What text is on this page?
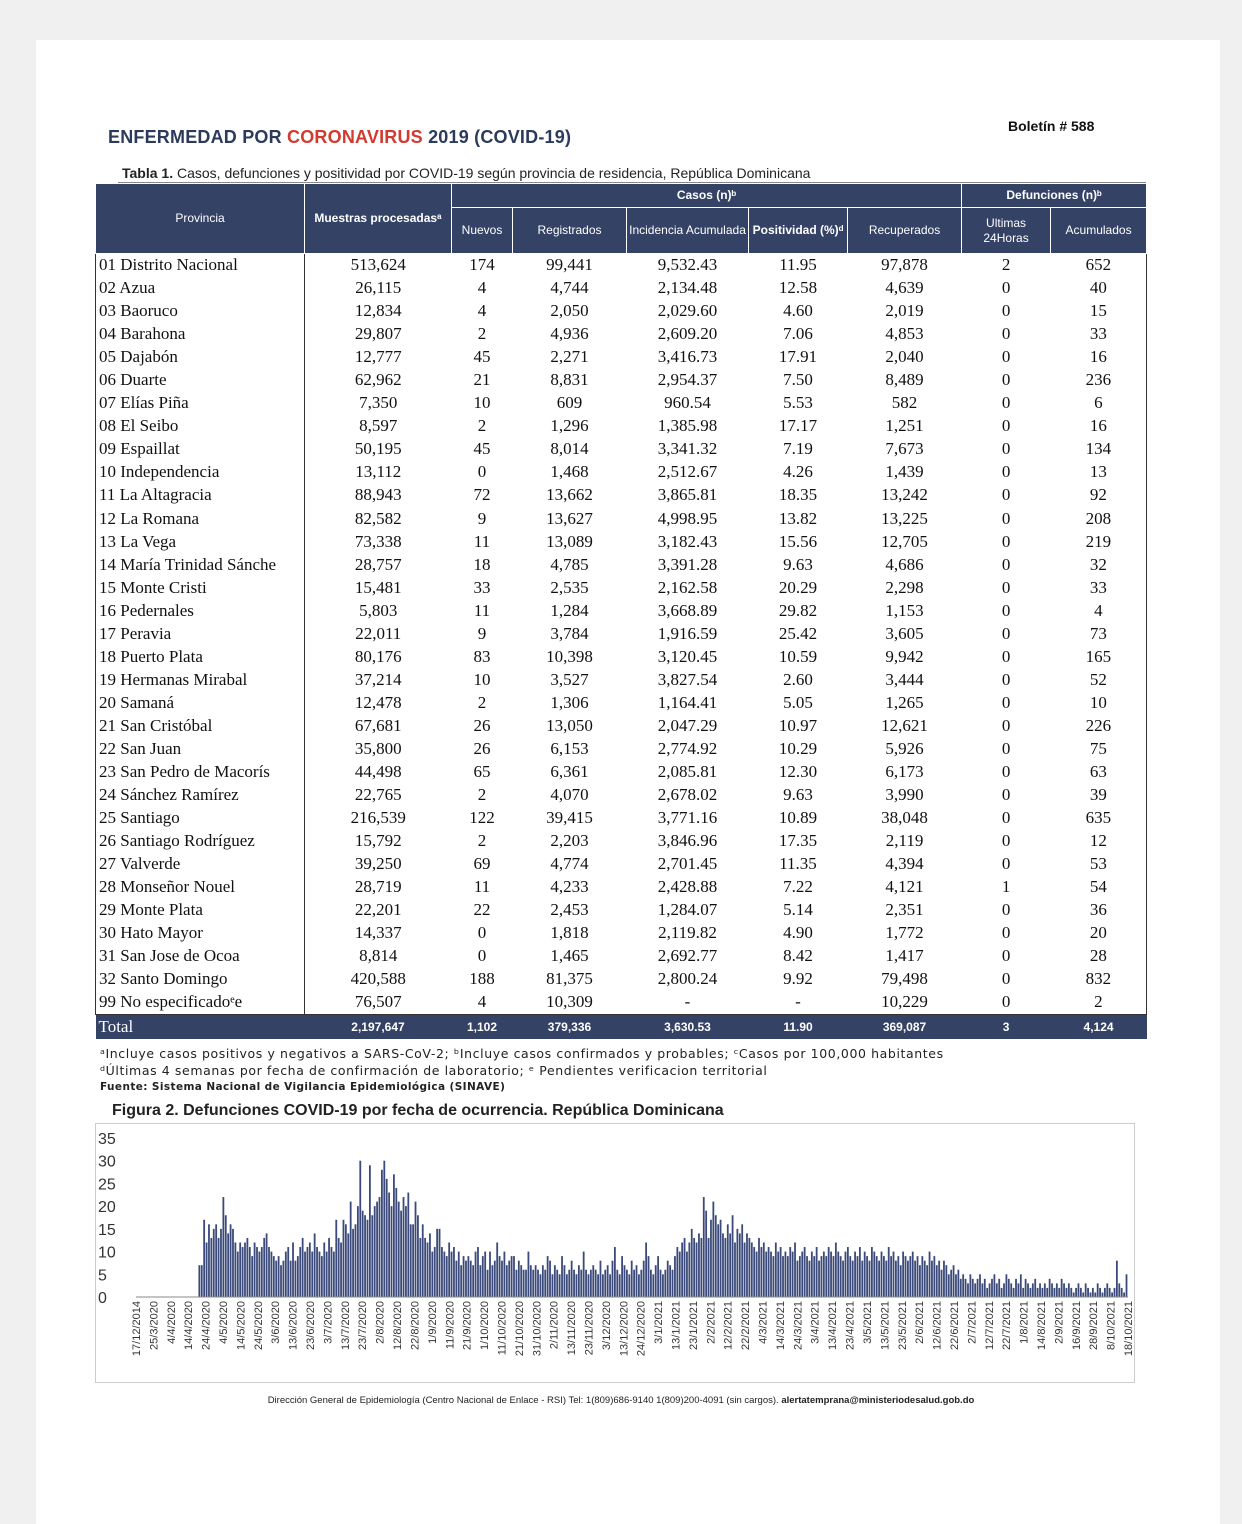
Boletín # 588
ENFERMEDAD POR CORONAVIRUS 2019 (COVID-19)
Tabla 1. Casos, defunciones y positividad por COVID-19 según provincia de residencia, República Dominicana
Provincia	Muestras procesadasᵃ	Casos (n)ᵇ					Defunciones (n)ᵇ	
		Nuevos	Registrados	Incidencia Acumulada	Positividad (%)ᵈ	Recuperados	Ultimas 24Horas	Acumulados
01 Distrito Nacional	513,624	174	99,441	9,532.43	11.95	97,878	2	652
02 Azua	26,115	4	4,744	2,134.48	12.58	4,639	0	40
03 Baoruco	12,834	4	2,050	2,029.60	4.60	2,019	0	15
04 Barahona	29,807	2	4,936	2,609.20	7.06	4,853	0	33
05 Dajabón	12,777	45	2,271	3,416.73	17.91	2,040	0	16
06 Duarte	62,962	21	8,831	2,954.37	7.50	8,489	0	236
07 Elías Piña	7,350	10	609	960.54	5.53	582	0	6
08 El Seibo	8,597	2	1,296	1,385.98	17.17	1,251	0	16
09 Espaillat	50,195	45	8,014	3,341.32	7.19	7,673	0	134
10 Independencia	13,112	0	1,468	2,512.67	4.26	1,439	0	13
11 La Altagracia	88,943	72	13,662	3,865.81	18.35	13,242	0	92
12 La Romana	82,582	9	13,627	4,998.95	13.82	13,225	0	208
13 La Vega	73,338	11	13,089	3,182.43	15.56	12,705	0	219
14 María Trinidad Sánche	28,757	18	4,785	3,391.28	9.63	4,686	0	32
15 Monte Cristi	15,481	33	2,535	2,162.58	20.29	2,298	0	33
16 Pedernales	5,803	11	1,284	3,668.89	29.82	1,153	0	4
17 Peravia	22,011	9	3,784	1,916.59	25.42	3,605	0	73
18 Puerto Plata	80,176	83	10,398	3,120.45	10.59	9,942	0	165
19 Hermanas Mirabal	37,214	10	3,527	3,827.54	2.60	3,444	0	52
20 Samaná	12,478	2	1,306	1,164.41	5.05	1,265	0	10
21 San Cristóbal	67,681	26	13,050	2,047.29	10.97	12,621	0	226
22 San Juan	35,800	26	6,153	2,774.92	10.29	5,926	0	75
23 San Pedro de Macorís	44,498	65	6,361	2,085.81	12.30	6,173	0	63
24 Sánchez Ramírez	22,765	2	4,070	2,678.02	9.63	3,990	0	39
25 Santiago	216,539	122	39,415	3,771.16	10.89	38,048	0	635
26 Santiago Rodríguez	15,792	2	2,203	3,846.96	17.35	2,119	0	12
27 Valverde	39,250	69	4,774	2,701.45	11.35	4,394	0	53
28 Monseñor Nouel	28,719	11	4,233	2,428.88	7.22	4,121	1	54
29 Monte Plata	22,201	22	2,453	1,284.07	5.14	2,351	0	36
30 Hato Mayor	14,337	0	1,818	2,119.82	4.90	1,772	0	20
31 San Jose de Ocoa	8,814	0	1,465	2,692.77	8.42	1,417	0	28
32 Santo Domingo	420,588	188	81,375	2,800.24	9.92	79,498	0	832
99 No especificadoᵉe	76,507	4	10,309	-	-	10,229	0	2
Total	2,197,647	1,102	379,336	3,630.53	11.90	369,087	3	4,124
ᵃIncluye casos positivos y negativos a SARS-CoV-2; ᵇIncluye casos confirmados y probables; ᶜCasos por 100,000 habitantes
ᵈÚltimas 4 semanas por fecha de confirmación de laboratorio; ᵉ Pendientes verificacion territorial
Fuente: Sistema Nacional de Vigilancia Epidemiológica (SINAVE)
Figura 2. Defunciones COVID-19 por fecha de ocurrencia. República Dominicana
0
5
10
15
20
25
30
35
17/12/2014 25/3/2020 4/4/2020 14/4/2020 24/4/2020 4/5/2020 14/5/2020 24/5/2020 3/6/2020 13/6/2020 23/6/2020 3/7/2020 13/7/2020 23/7/2020 2/8/2020 12/8/2020 22/8/2020 1/9/2020 11/9/2020 21/9/2020 1/10/2020 11/10/2020 21/10/2020 31/10/2020 2/11/2020 13/11/2020 23/11/2020 3/12/2020 13/12/2020 24/12/2020 3/1/2021 13/1/2021 23/1/2021 2/2/2021 12/2/2021 22/2/2021 4/3/2021 14/3/2021 24/3/2021 3/4/2021 13/4/2021 23/4/2021 3/5/2021 13/5/2021 23/5/2021 2/6/2021 12/6/2021 22/6/2021 2/7/2021 12/7/2021 22/7/2021 1/8/2021 14/8/2021 2/9/2021 16/9/2021 28/9/2021 8/10/2021 18/10/2021
Dirección General de Epidemiología (Centro Nacional de Enlace - RSI) Tel: 1(809)686-9140 1(809)200-4091 (sin cargos). alertatemprana@ministeriodesalud.gob.do
